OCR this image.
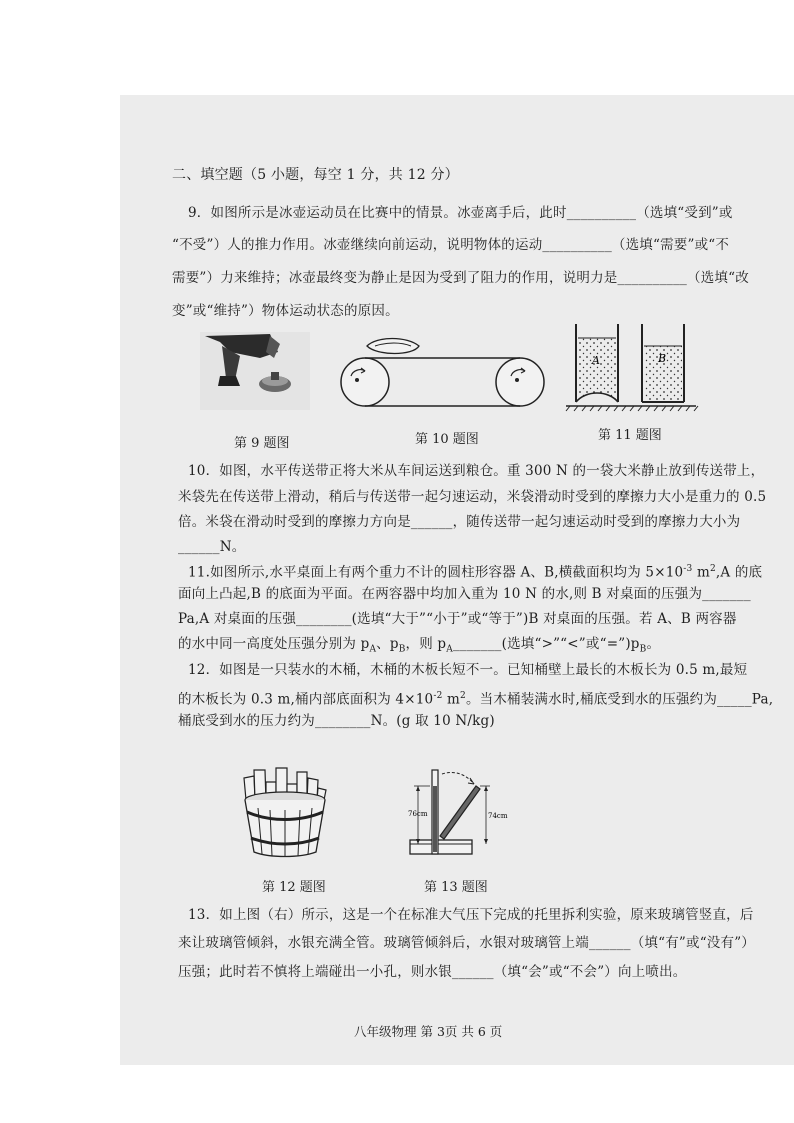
二、填空题（5 小题，每空 1 分，共 12 分）
9．如图所示是冰壶运动员在比赛中的情景。冰壶离手后，此时__________（选填“受到”或
“不受”）人的推力作用。冰壶继续向前运动，说明物体的运动__________（选填“需要”或“不
需要”）力来维持；冰壶最终变为静止是因为受到了阻力的作用，说明力是__________（选填“改
变”或“维持”）物体运动状态的原因。
第 9 题图	第 10 题图
A	B
第 11 题图
10．如图，水平传送带正将大米从车间运送到粮仓。重 300 N 的一袋大米静止放到传送带上，
米袋先在传送带上滑动，稍后与传送带一起匀速运动，米袋滑动时受到的摩擦力大小是重力的 0.5
倍。米袋在滑动时受到的摩擦力方向是______，随传送带一起匀速运动时受到的摩擦力大小为
______N。
11.如图所示,水平桌面上有两个重力不计的圆柱形容器 A、B,横截面积均为 $5\times 10^{-3}$ $m^2,A$ 的底
面向上凸起,B 的底面为平面。在两容器中均加入重为 10 N 的水,则 B 对桌面的压强为_______
Pa,A 对桌面的压强________(选填“大于”“小于”或“等于”)B 对桌面的压强。若 A、B 两容器
的水中同一高度处压强分别为 $p_A$、$p_B$，则 $p_A\_\_\_\_\_\_\_$(选填“>”“<”或“$=”)p_B$。
12．如图是一只装水的木桶，木桶的木板长短不一。已知桶壁上最长的木板长为 0.5 m,最短
的木板长为 0.3 m,桶内部底面积为 $4\times 10^{-2}$ $m^2$。当木桶装满水时,桶底受到水的压强约为_____Pa,
桶底受到水的压力约为________N。(g 取 10 N/kg)
第 12 题图
76cm	74cm
第 13 题图
13．如上图（右）所示，这是一个在标准大气压下完成的托里拆利实验，原来玻璃管竖直，后
来让玻璃管倾斜，水银充满全管。玻璃管倾斜后，水银对玻璃管上端______（填“有”或“没有”）
压强；此时若不慎将上端碰出一小孔，则水银______（填“会”或“不会”）向上喷出。
八年级物理 第 3页 共 6 页
